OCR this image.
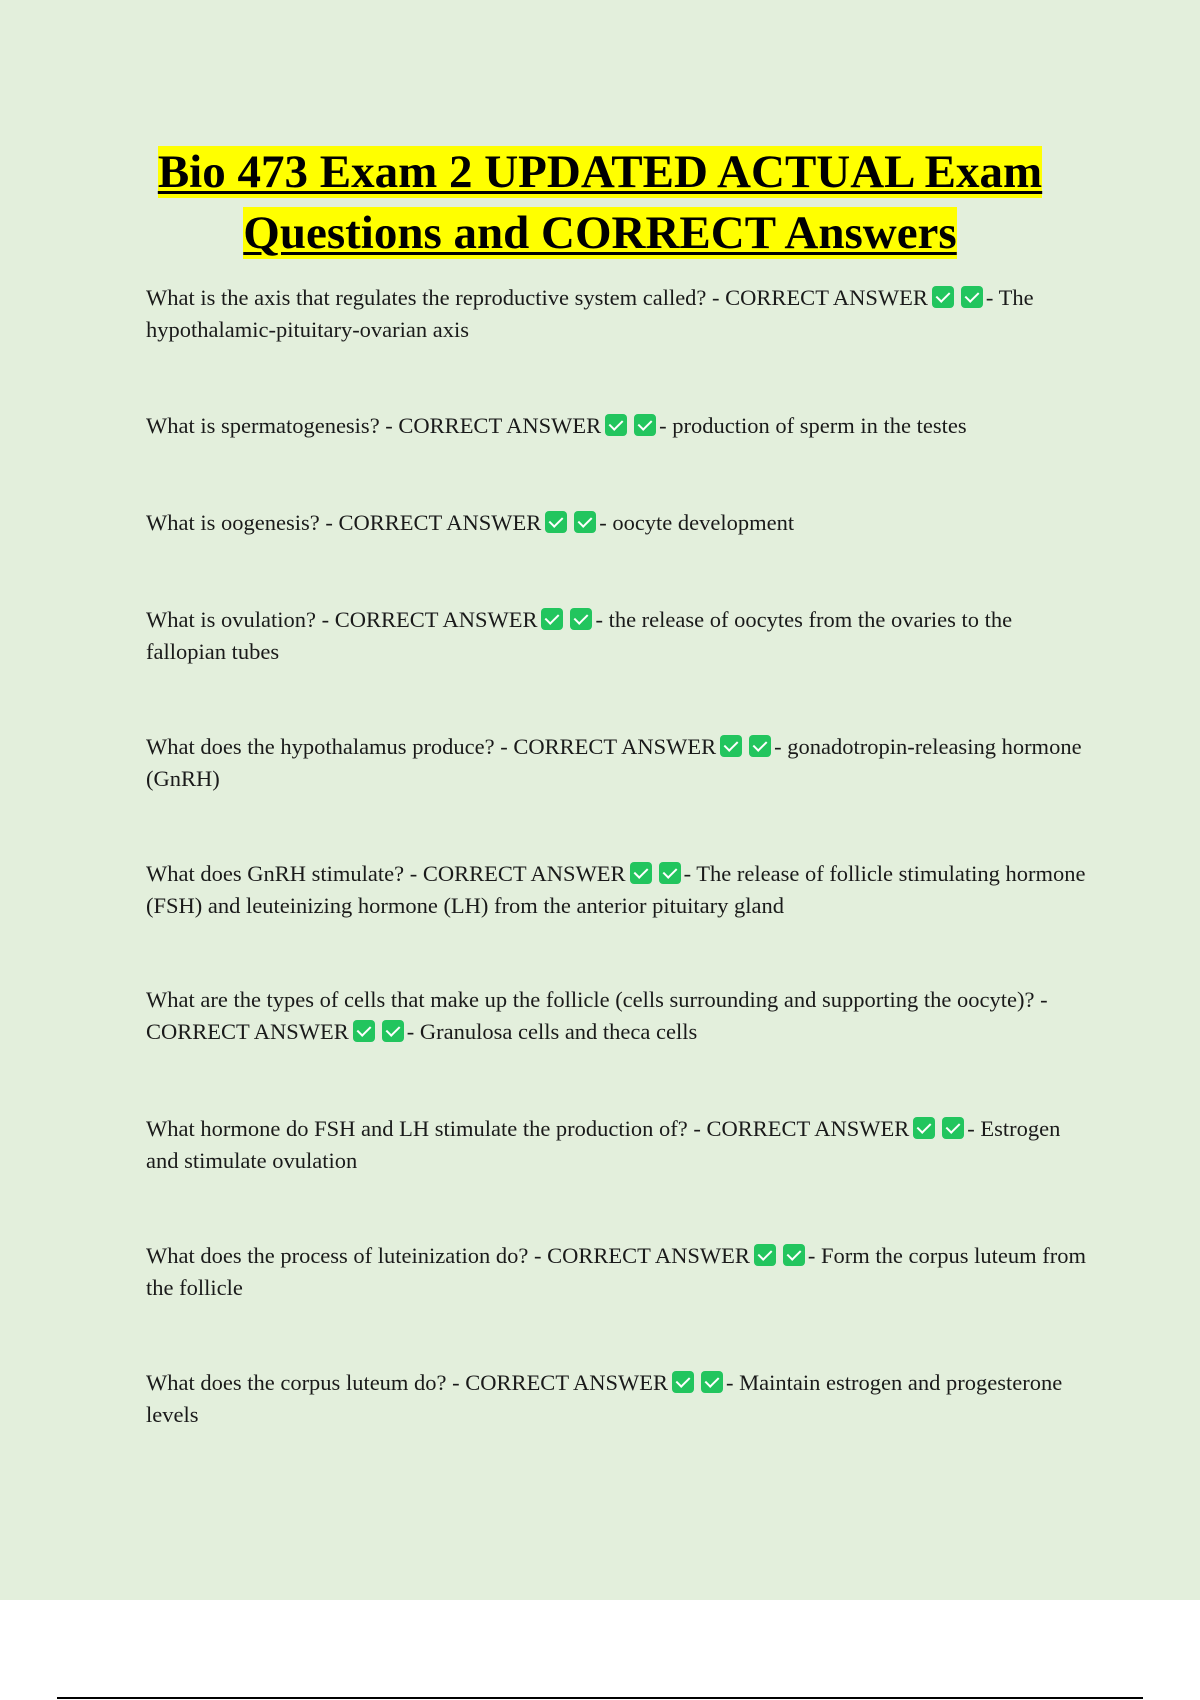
Bio 473 Exam 2 UPDATED ACTUAL Exam Questions and CORRECT Answers

What is the axis that regulates the reproductive system called? - CORRECT ANSWER	- The hypothalamic-pituitary-ovarian axis

What is spermatogenesis? - CORRECT ANSWER	- production of sperm in the testes

What is oogenesis? - CORRECT ANSWER	- oocyte development

What is ovulation? - CORRECT ANSWER	- the release of oocytes from the ovaries to the fallopian tubes

What does the hypothalamus produce? - CORRECT ANSWER	- gonadotropin-releasing hormone (GnRH)

What does GnRH stimulate? - CORRECT ANSWER	- The release of follicle stimulating hormone (FSH) and leuteinizing hormone (LH) from the anterior pituitary gland

What are the types of cells that make up the follicle (cells surrounding and supporting the oocyte)? - CORRECT ANSWER	- Granulosa cells and theca cells

What hormone do FSH and LH stimulate the production of? - CORRECT ANSWER	- Estrogen and stimulate ovulation

What does the process of luteinization do? - CORRECT ANSWER	- Form the corpus luteum from the follicle

What does the corpus luteum do? - CORRECT ANSWER	- Maintain estrogen and progesterone levels
